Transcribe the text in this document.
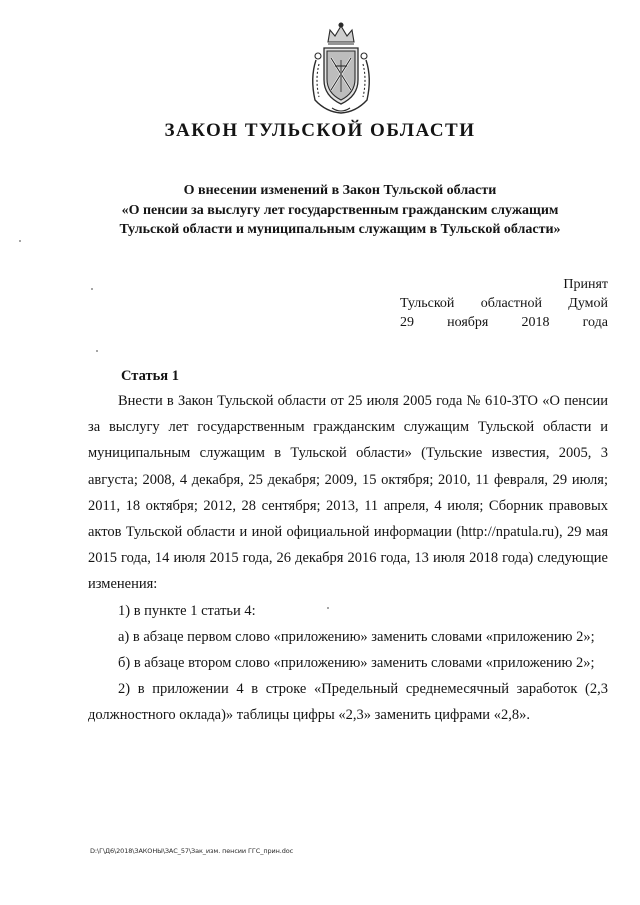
ЗАКОН ТУЛЬСКОЙ ОБЛАСТИ
О внесении изменений в Закон Тульской области
«О пенсии за выслугу лет государственным гражданским служащим
Тульской области и муниципальным служащим в Тульской области»
Принят
Тульской областной Думой
29 ноября 2018 года
Статья 1

Внести в Закон Тульской области от 25 июля 2005 года № 610-ЗТО «О пенсии за выслугу лет государственным гражданским служащим Тульской области и муниципальным служащим в Тульской области» (Тульские известия, 2005, 3 августа; 2008, 4 декабря, 25 декабря; 2009, 15 октября; 2010, 11 февраля, 29 июля; 2011, 18 октября; 2012, 28 сентября; 2013, 11 апреля, 4 июля; Сборник правовых актов Тульской области и иной официальной информации (http://npatula.ru), 29 мая 2015 года, 14 июля 2015 года, 26 декабря 2016 года, 13 июля 2018 года) следующие изменения:

1) в пункте 1 статьи 4:

а) в абзаце первом слово «приложению» заменить словами «приложению 2»;

б) в абзаце втором слово «приложению» заменить словами «приложению 2»;

2) в приложении 4 в строке «Предельный среднемесячный заработок (2,3 должностного оклада)» таблицы цифры «2,3» заменить цифрами «2,8».

D:\Г\Д6\2018\ЗАКОНЫ\ЗАС_57\Зак_изм. пенсии ГГС_прин.doc
